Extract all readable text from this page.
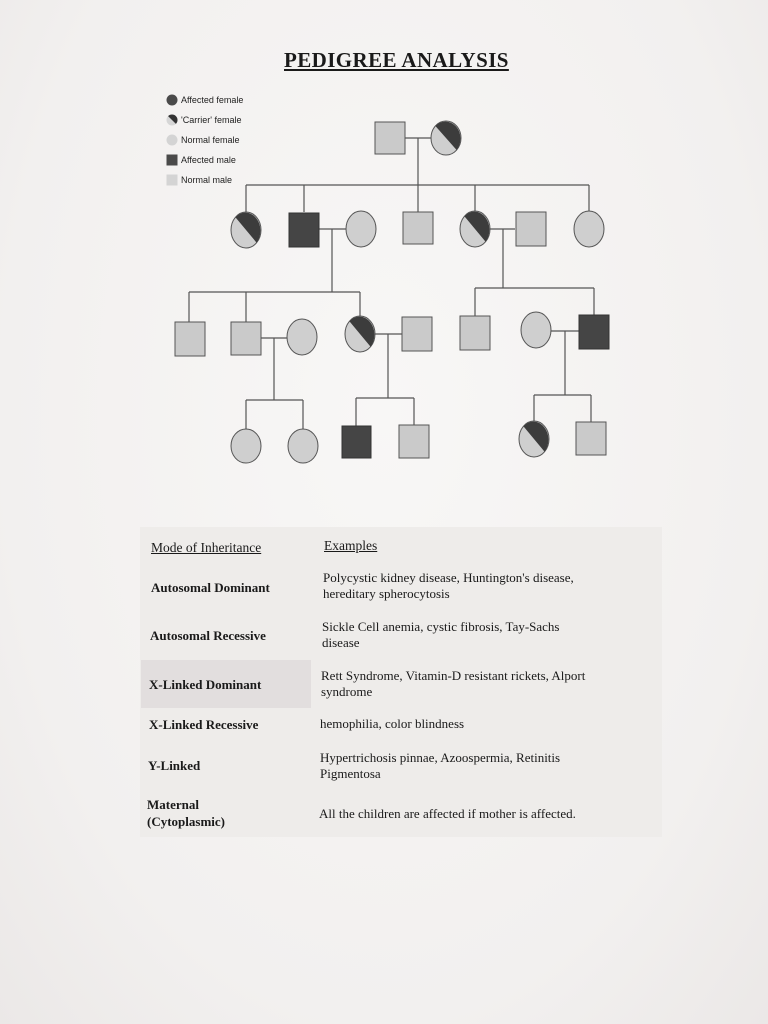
PEDIGREE ANALYSIS
Affected female
'Carrier' female
Normal female
Affected male
Normal male
Mode of Inheritance	Examples
Autosomal Dominant
Polycystic kidney disease, Huntington's disease,
hereditary spherocytosis
Autosomal Recessive
Sickle Cell anemia, cystic fibrosis, Tay-Sachs
disease
X-Linked Dominant
Rett Syndrome, Vitamin-D resistant rickets, Alport
syndrome
X-Linked Recessive	hemophilia, color blindness
Y-Linked
Hypertrichosis pinnae, Azoospermia, Retinitis
Pigmentosa
Maternal
(Cytoplasmic)
All the children are affected if mother is affected.
